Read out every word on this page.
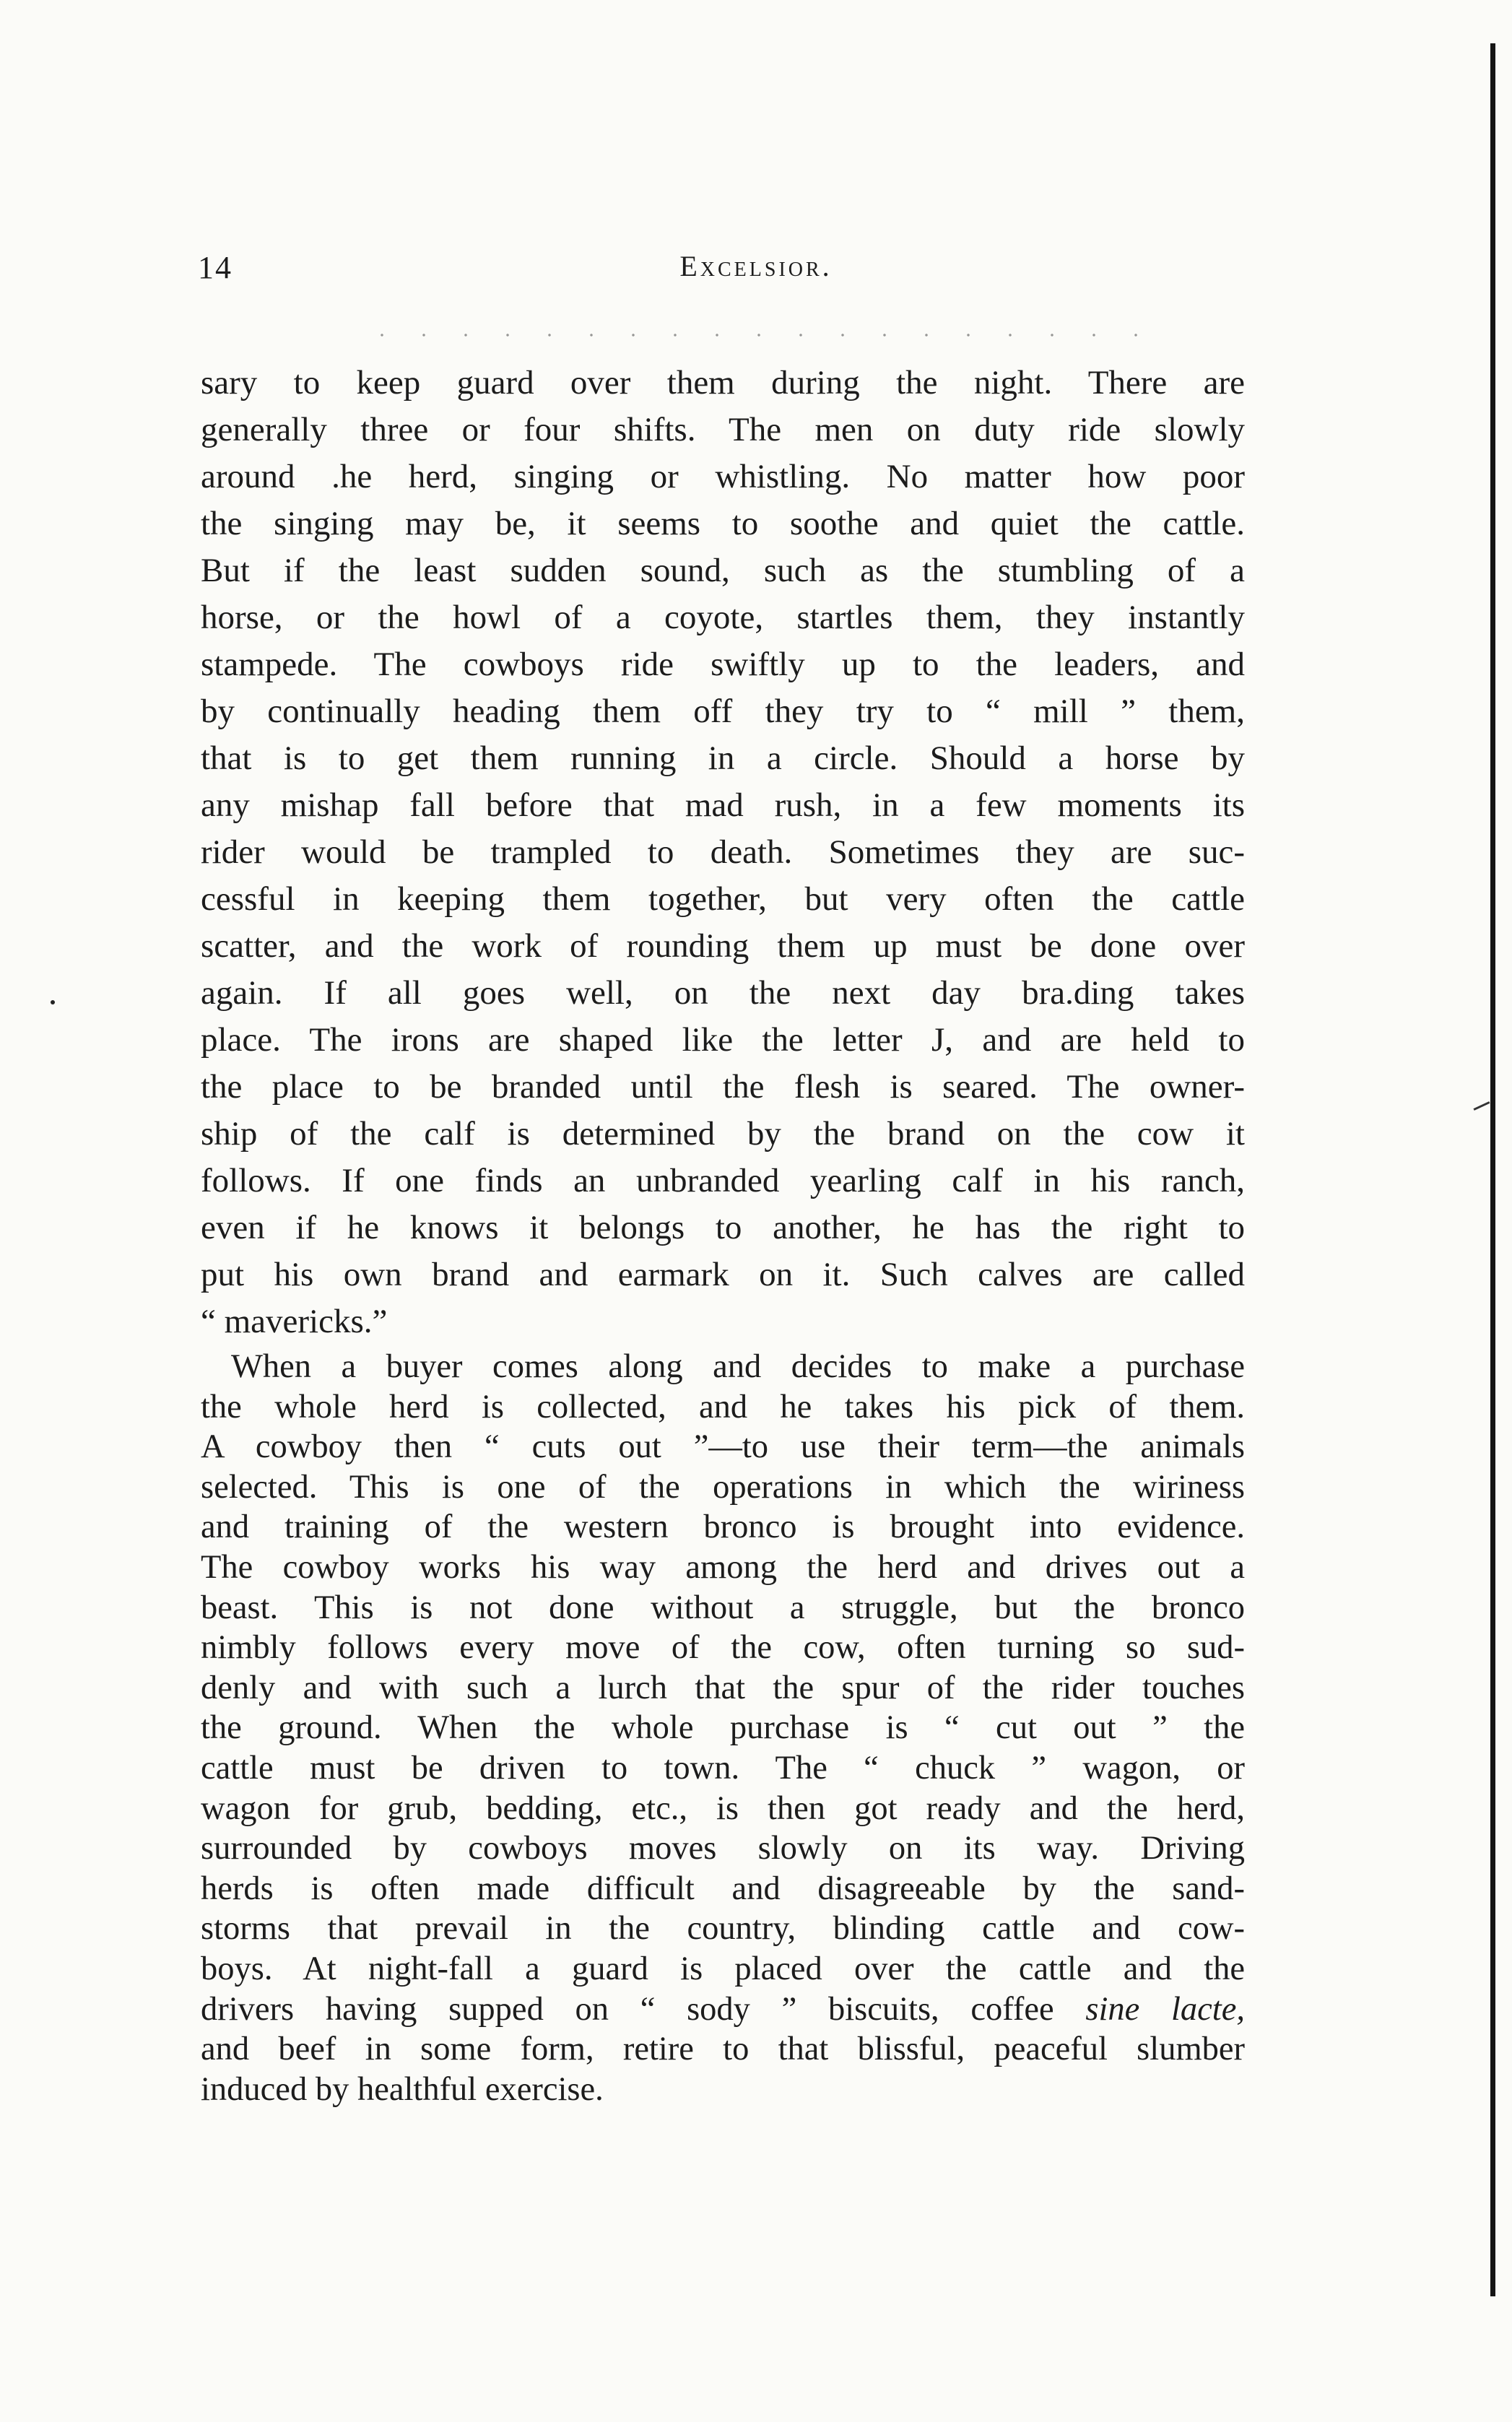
14	Excelsior.
sary to keep guard over them during the night. There are
generally three or four shifts. The men on duty ride slowly
around .he herd, singing or whistling. No matter how poor
the singing may be, it seems to soothe and quiet the cattle.
But if the least sudden sound, such as the stumbling of a
horse, or the howl of a coyote, startles them, they instantly
stampede. The cowboys ride swiftly up to the leaders, and
by continually heading them off they try to “ mill ” them,
that is to get them running in a circle. Should a horse by
any mishap fall before that mad rush, in a few moments its
rider would be trampled to death. Sometimes they are suc-
cessful in keeping them together, but very often the cattle
scatter, and the work of rounding them up must be done over
again. If all goes well, on the next day bra.ding takes
place. The irons are shaped like the letter J, and are held to
the place to be branded until the flesh is seared. The owner-
ship of the calf is determined by the brand on the cow it
follows. If one finds an unbranded yearling calf in his ranch,
even if he knows it belongs to another, he has the right to
put his own brand and earmark on it. Such calves are called
“ mavericks.”
When a buyer comes along and decides to make a purchase
the whole herd is collected, and he takes his pick of them.
A cowboy then “ cuts out ”—to use their term—the animals
selected. This is one of the operations in which the wiriness
and training of the western bronco is brought into evidence.
The cowboy works his way among the herd and drives out a
beast. This is not done without a struggle, but the bronco
nimbly follows every move of the cow, often turning so sud-
denly and with such a lurch that the spur of the rider touches
the ground. When the whole purchase is “ cut out ” the
cattle must be driven to town. The “ chuck ” wagon, or
wagon for grub, bedding, etc., is then got ready and the herd,
surrounded by cowboys moves slowly on its way. Driving
herds is often made difficult and disagreeable by the sand-
storms that prevail in the country, blinding cattle and cow-
boys. At night-fall a guard is placed over the cattle and the
drivers having supped on “ sody ” biscuits, coffee sine lacte,
and beef in some form, retire to that blissful, peaceful slumber
induced by healthful exercise.
